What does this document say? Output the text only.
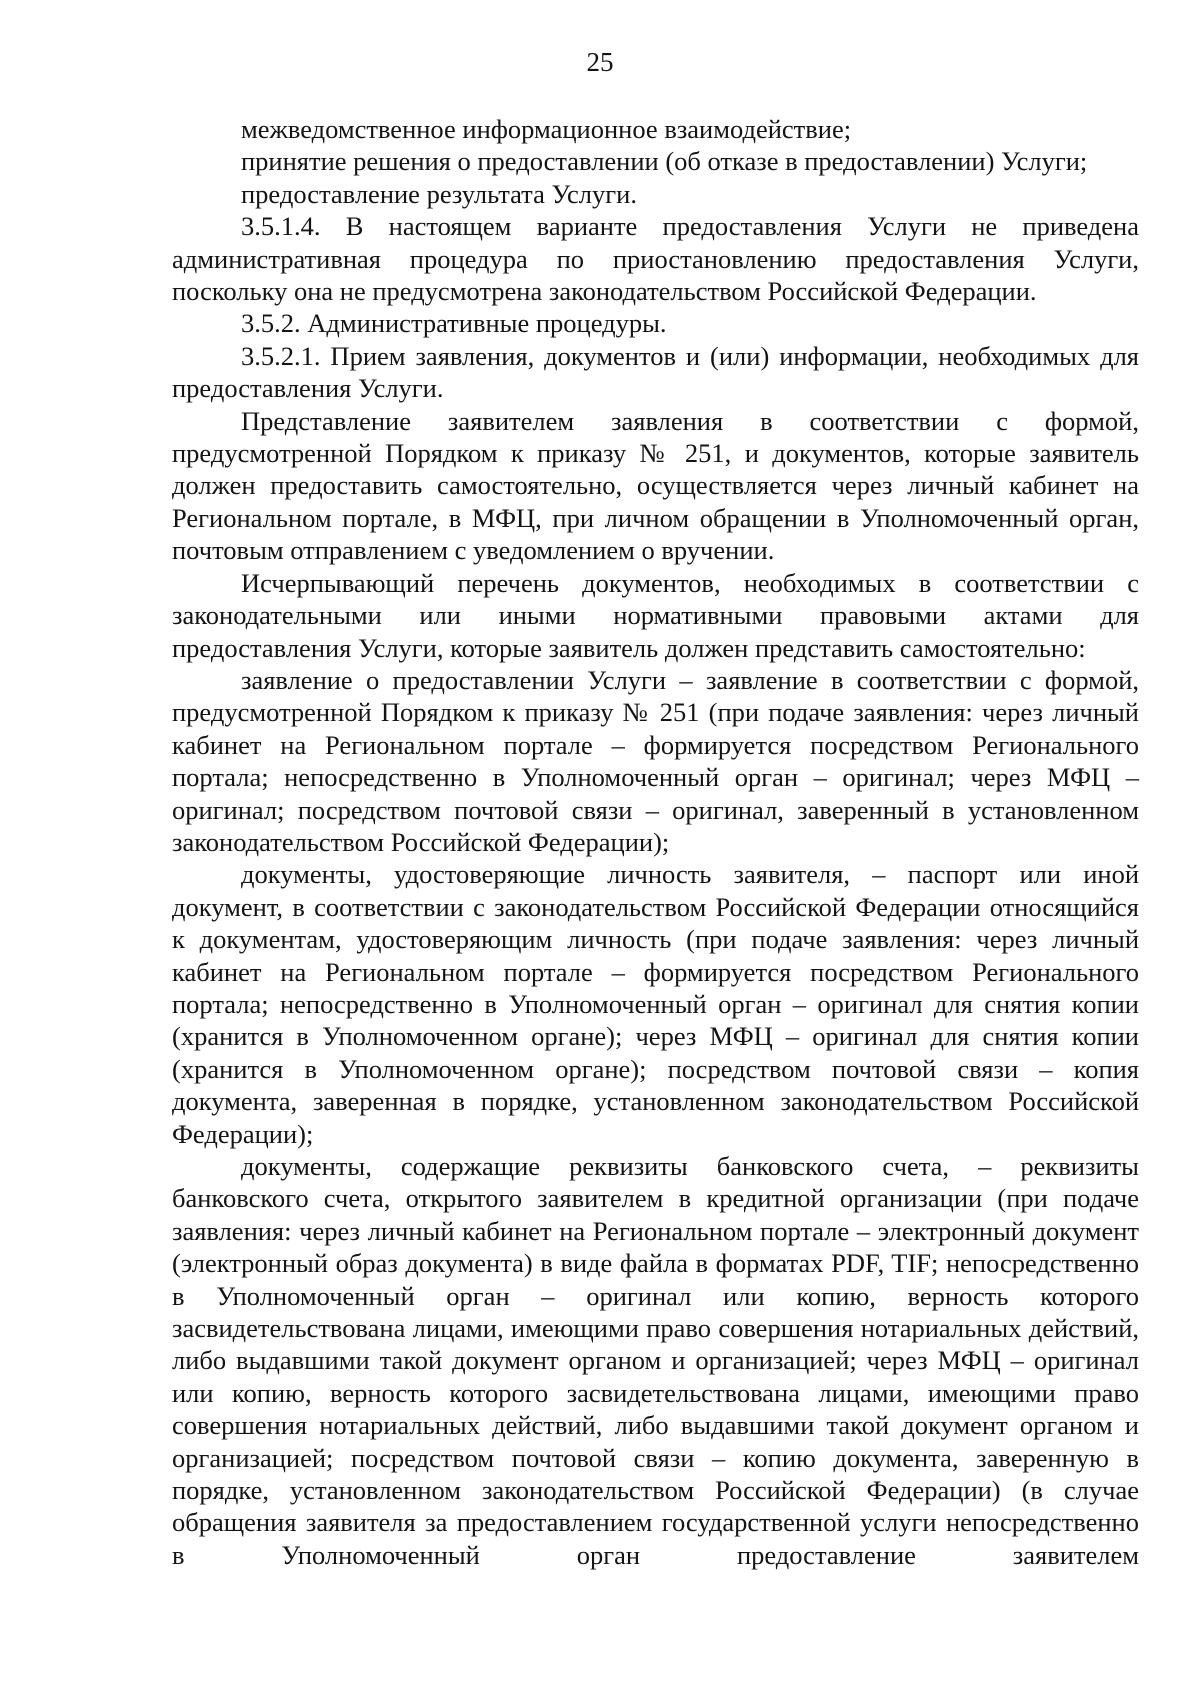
25

межведомственное информационное взаимодействие;

принятие решения о предоставлении (об отказе в предоставлении) Услуги;

предоставление результата Услуги.

3.5.1.4. В настоящем варианте предоставления Услуги не приведена административная процедура по приостановлению предоставления Услуги, поскольку она не предусмотрена законодательством Российской Федерации.

3.5.2. Административные процедуры.

3.5.2.1. Прием заявления, документов и (или) информации, необходимых для предоставления Услуги.

Представление заявителем заявления в соответствии с формой, предусмотренной Порядком к приказу № 251, и документов, которые заявитель должен предоставить самостоятельно, осуществляется через личный кабинет на Региональном портале, в МФЦ, при личном обращении в Уполномоченный орган, почтовым отправлением с уведомлением о вручении.

Исчерпывающий перечень документов, необходимых в соответствии с законодательными или иными нормативными правовыми актами для предоставления Услуги, которые заявитель должен представить самостоятельно:

заявление о предоставлении Услуги – заявление в соответствии с формой, предусмотренной Порядком к приказу № 251 (при подаче заявления: через личный кабинет на Региональном портале – формируется посредством Регионального портала; непосредственно в Уполномоченный орган – оригинал; через МФЦ – оригинал; посредством почтовой связи – оригинал, заверенный в установленном законодательством Российской Федерации);

документы, удостоверяющие личность заявителя, – паспорт или иной документ, в соответствии с законодательством Российской Федерации относящийся к документам, удостоверяющим личность (при подаче заявления: через личный кабинет на Региональном портале – формируется посредством Регионального портала; непосредственно в Уполномоченный орган – оригинал для снятия копии (хранится в Уполномоченном органе); через МФЦ – оригинал для снятия копии (хранится в Уполномоченном органе); посредством почтовой связи – копия документа, заверенная в порядке, установленном законодательством Российской Федерации);

документы, содержащие реквизиты банковского счета, – реквизиты банковского счета, открытого заявителем в кредитной организации (при подаче заявления: через личный кабинет на Региональном портале – электронный документ (электронный образ документа) в виде файла в форматах PDF, TIF; непосредственно в Уполномоченный орган – оригинал или копию, верность которого засвидетельствована лицами, имеющими право совершения нотариальных действий, либо выдавшими такой документ органом и организацией; через МФЦ – оригинал или копию, верность которого засвидетельствована лицами, имеющими право совершения нотариальных действий, либо выдавшими такой документ органом и организацией; посредством почтовой связи – копию документа, заверенную в порядке, установленном законодательством Российской Федерации) (в случае обращения заявителя за предоставлением государственной услуги непосредственно в Уполномоченный орган предоставление заявителем
